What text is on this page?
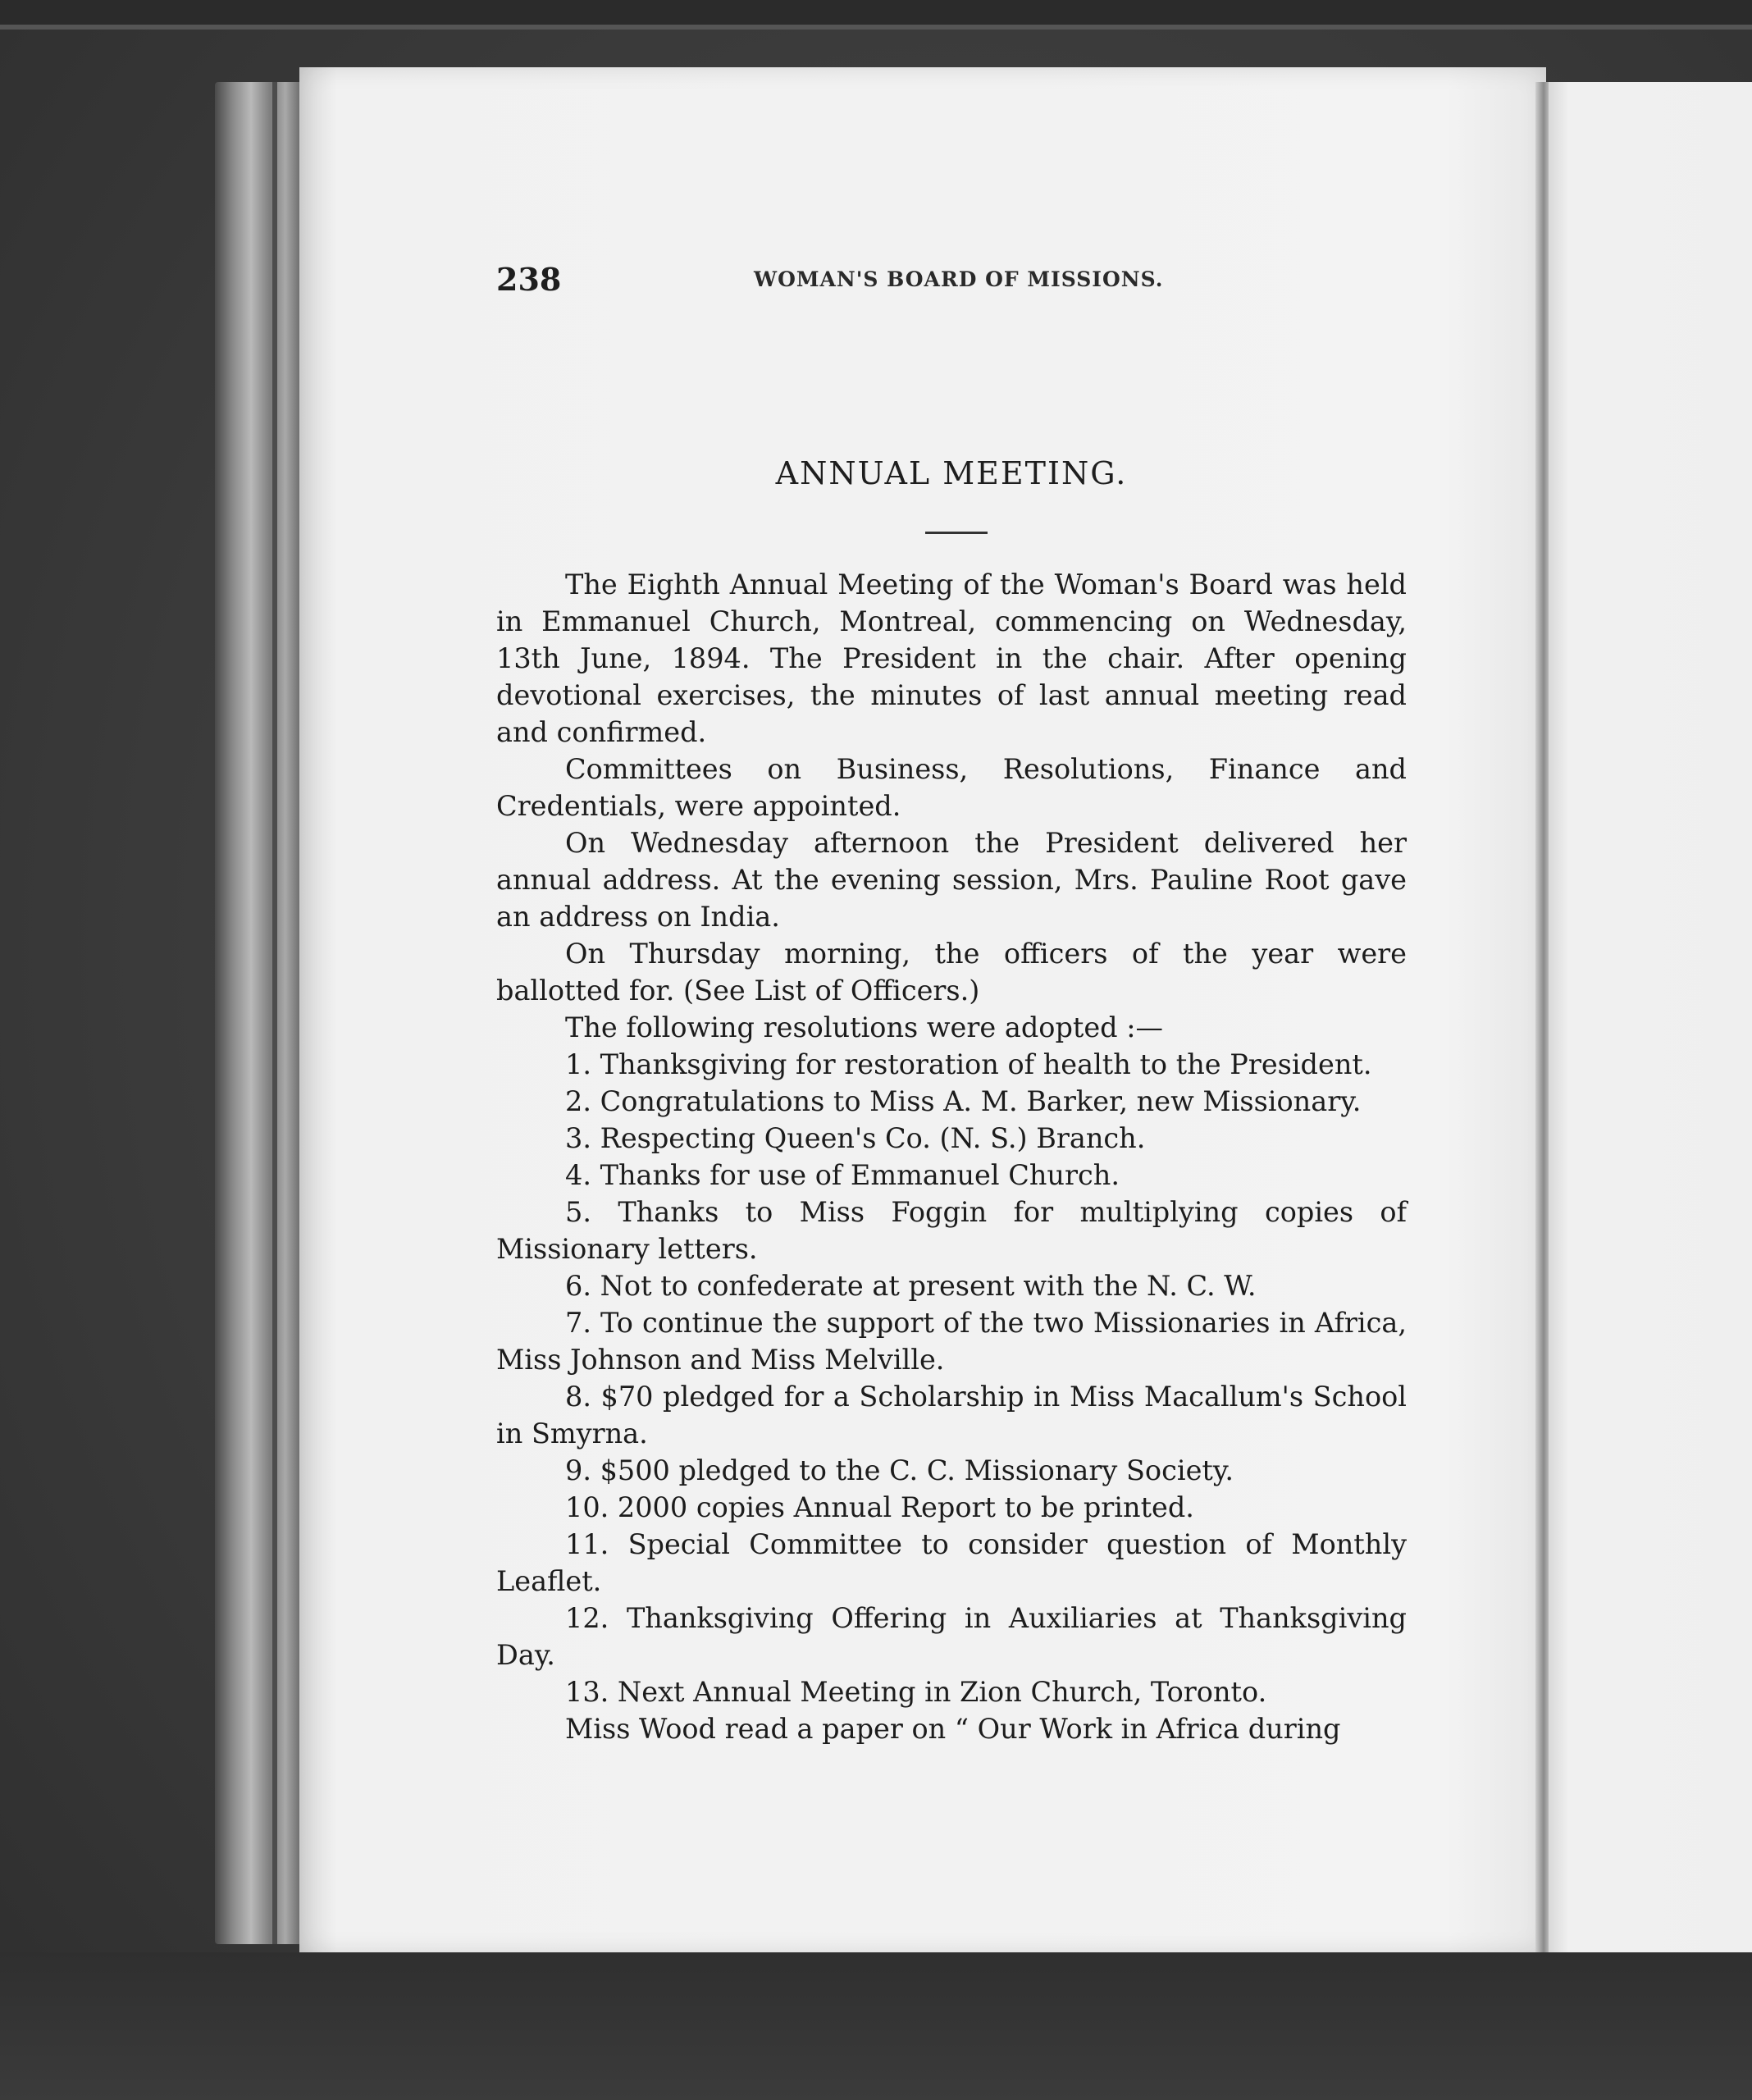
238	WOMAN'S BOARD OF MISSIONS.
ANNUAL MEETING.

The Eighth Annual Meeting of the Woman's Board was held in Emmanuel Church, Montreal, commencing on Wednesday, 13th June, 1894. The President in the chair. After opening devotional exercises, the minutes of last annual meeting read and confirmed.

Committees on Business, Resolutions, Finance and Credentials, were appointed.

On Wednesday afternoon the President delivered her annual address. At the evening session, Mrs. Pauline Root gave an address on India.

On Thursday morning, the officers of the year were ballotted for. (See List of Officers.)

The following resolutions were adopted :—

1. Thanksgiving for restoration of health to the President.

2. Congratulations to Miss A. M. Barker, new Missionary.

3. Respecting Queen's Co. (N. S.) Branch.

4. Thanks for use of Emmanuel Church.

5. Thanks to Miss Foggin for multiplying copies of Missionary letters.

6. Not to confederate at present with the N. C. W.

7. To continue the support of the two Missionaries in Africa, Miss Johnson and Miss Melville.

8. $70 pledged for a Scholarship in Miss Macallum's School in Smyrna.

9. $500 pledged to the C. C. Missionary Society.

10. 2000 copies Annual Report to be printed.

11. Special Committee to consider question of Monthly Leaflet.

12. Thanksgiving Offering in Auxiliaries at Thanksgiving Day.

13. Next Annual Meeting in Zion Church, Toronto.

Miss Wood read a paper on “ Our Work in Africa during
